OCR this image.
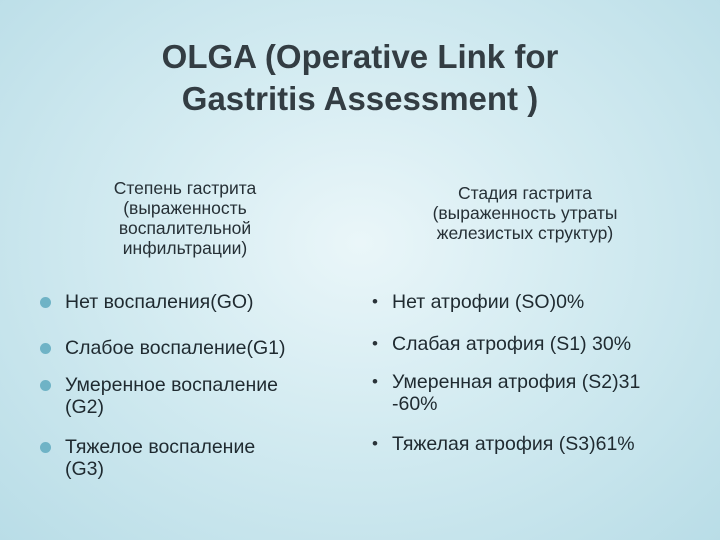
OLGA (Operative Link for
Gastritis Assessment )
Степень гастрита
(выраженность
воспалительной
инфильтрации)
Стадия гастрита
(выраженность утраты
железистых структур)
Нет воспаления(GO)
Слабое воспаление(G1)
Умеренное воспаление
(G2)
Тяжелое воспаление
(G3)
• Нет атрофии (SO)0%
• Слабая атрофия (S1) 30%
• Умеренная атрофия (S2)31
-60%
• Тяжелая атрофия (S3)61%
